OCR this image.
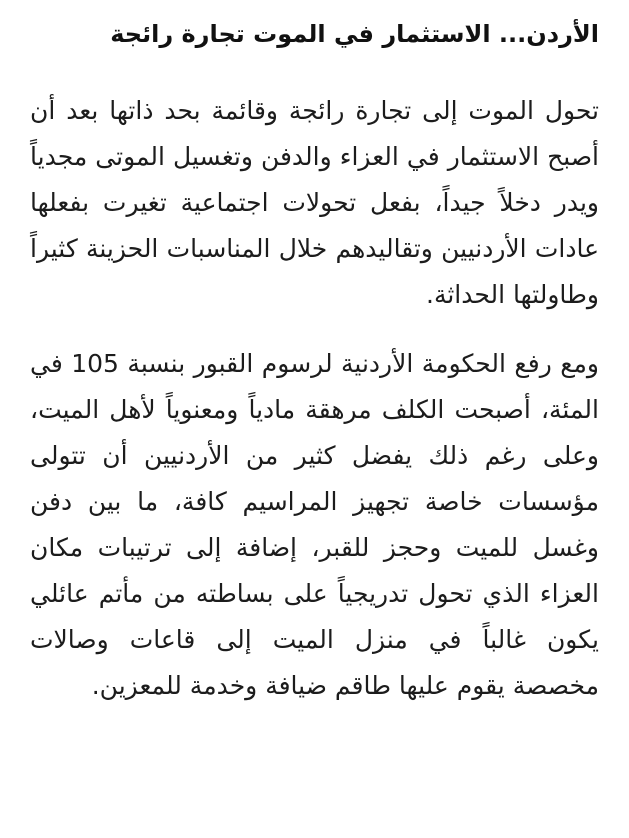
الأردن... الاستثمار في الموت تجارة رائجة

تحول الموت إلى تجارة رائجة وقائمة بحد ذاتها بعد أن أصبح الاستثمار في العزاء والدفن وتغسيل الموتى مجدياً ويدر دخلاً جيداً، بفعل تحولات اجتماعية تغيرت بفعلها عادات الأردنيين وتقاليدهم خلال المناسبات الحزينة كثيراً وطاولتها الحداثة.

ومع رفع الحكومة الأردنية لرسوم القبور بنسبة 105 في المئة، أصبحت الكلف مرهقة مادياً ومعنوياً لأهل الميت، وعلى رغم ذلك يفضل كثير من الأردنيين أن تتولى مؤسسات خاصة تجهيز المراسيم كافة، ما بين دفن وغسل للميت وحجز للقبر، إضافة إلى ترتيبات مكان العزاء الذي تحول تدريجياً على بساطته من مأتم عائلي يكون غالباً في منزل الميت إلى قاعات وصالات مخصصة يقوم عليها طاقم ضيافة وخدمة للمعزين.
